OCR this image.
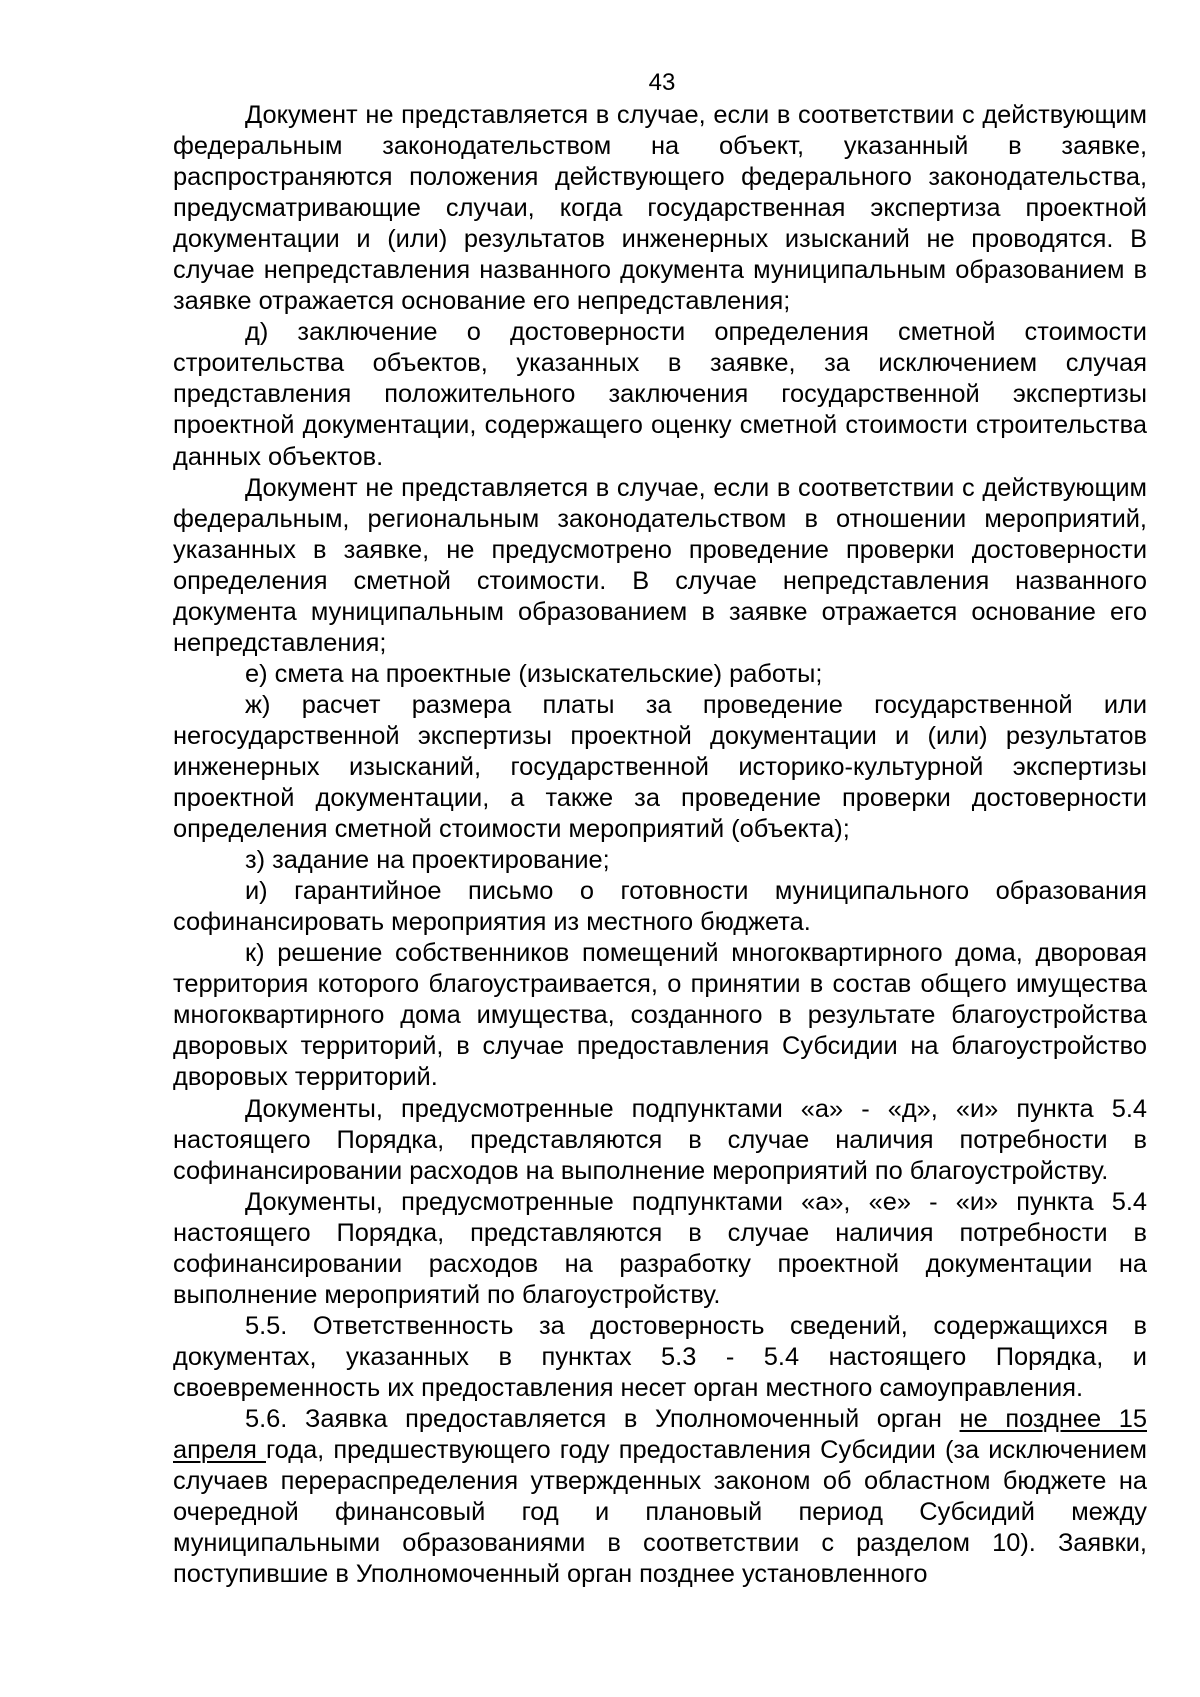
43

Документ не представляется в случае, если в соответствии с действующим федеральным законодательством на объект, указанный в заявке, распространяются положения действующего федерального законодательства, предусматривающие случаи, когда государственная экспертиза проектной документации и (или) результатов инженерных изысканий не проводятся. В случае непредставления названного документа муниципальным образованием в заявке отражается основание его непредставления;

д) заключение о достоверности определения сметной стоимости строительства объектов, указанных в заявке, за исключением случая представления положительного заключения государственной экспертизы проектной документации, содержащего оценку сметной стоимости строительства данных объектов.

Документ не представляется в случае, если в соответствии с действующим федеральным, региональным законодательством в отношении мероприятий, указанных в заявке, не предусмотрено проведение проверки достоверности определения сметной стоимости. В случае непредставления названного документа муниципальным образованием в заявке отражается основание его непредставления;

е) смета на проектные (изыскательские) работы;

ж) расчет размера платы за проведение государственной или негосударственной экспертизы проектной документации и (или) результатов инженерных изысканий, государственной историко-культурной экспертизы проектной документации, а также за проведение проверки достоверности определения сметной стоимости мероприятий (объекта);

з) задание на проектирование;

и) гарантийное письмо о готовности муниципального образования софинансировать мероприятия из местного бюджета.

к) решение собственников помещений многоквартирного дома, дворовая территория которого благоустраивается, о принятии в состав общего имущества многоквартирного дома имущества, созданного в результате благоустройства дворовых территорий, в случае предоставления Субсидии на благоустройство дворовых территорий.

Документы, предусмотренные подпунктами «а» - «д», «и» пункта 5.4 настоящего Порядка, представляются в случае наличия потребности в софинансировании расходов на выполнение мероприятий по благоустройству.

Документы, предусмотренные подпунктами «а», «е» - «и» пункта 5.4 настоящего Порядка, представляются в случае наличия потребности в софинансировании расходов на разработку проектной документации на выполнение мероприятий по благоустройству.

5.5. Ответственность за достоверность сведений, содержащихся в документах, указанных в пунктах 5.3 - 5.4 настоящего Порядка, и своевременность их предоставления несет орган местного самоуправления.

5.6. Заявка предоставляется в Уполномоченный орган не позднее 15 апреля года, предшествующего году предоставления Субсидии (за исключением случаев перераспределения утвержденных законом об областном бюджете на очередной финансовый год и плановый период Субсидий между муниципальными образованиями в соответствии с разделом 10). Заявки, поступившие в Уполномоченный орган позднее установленного
